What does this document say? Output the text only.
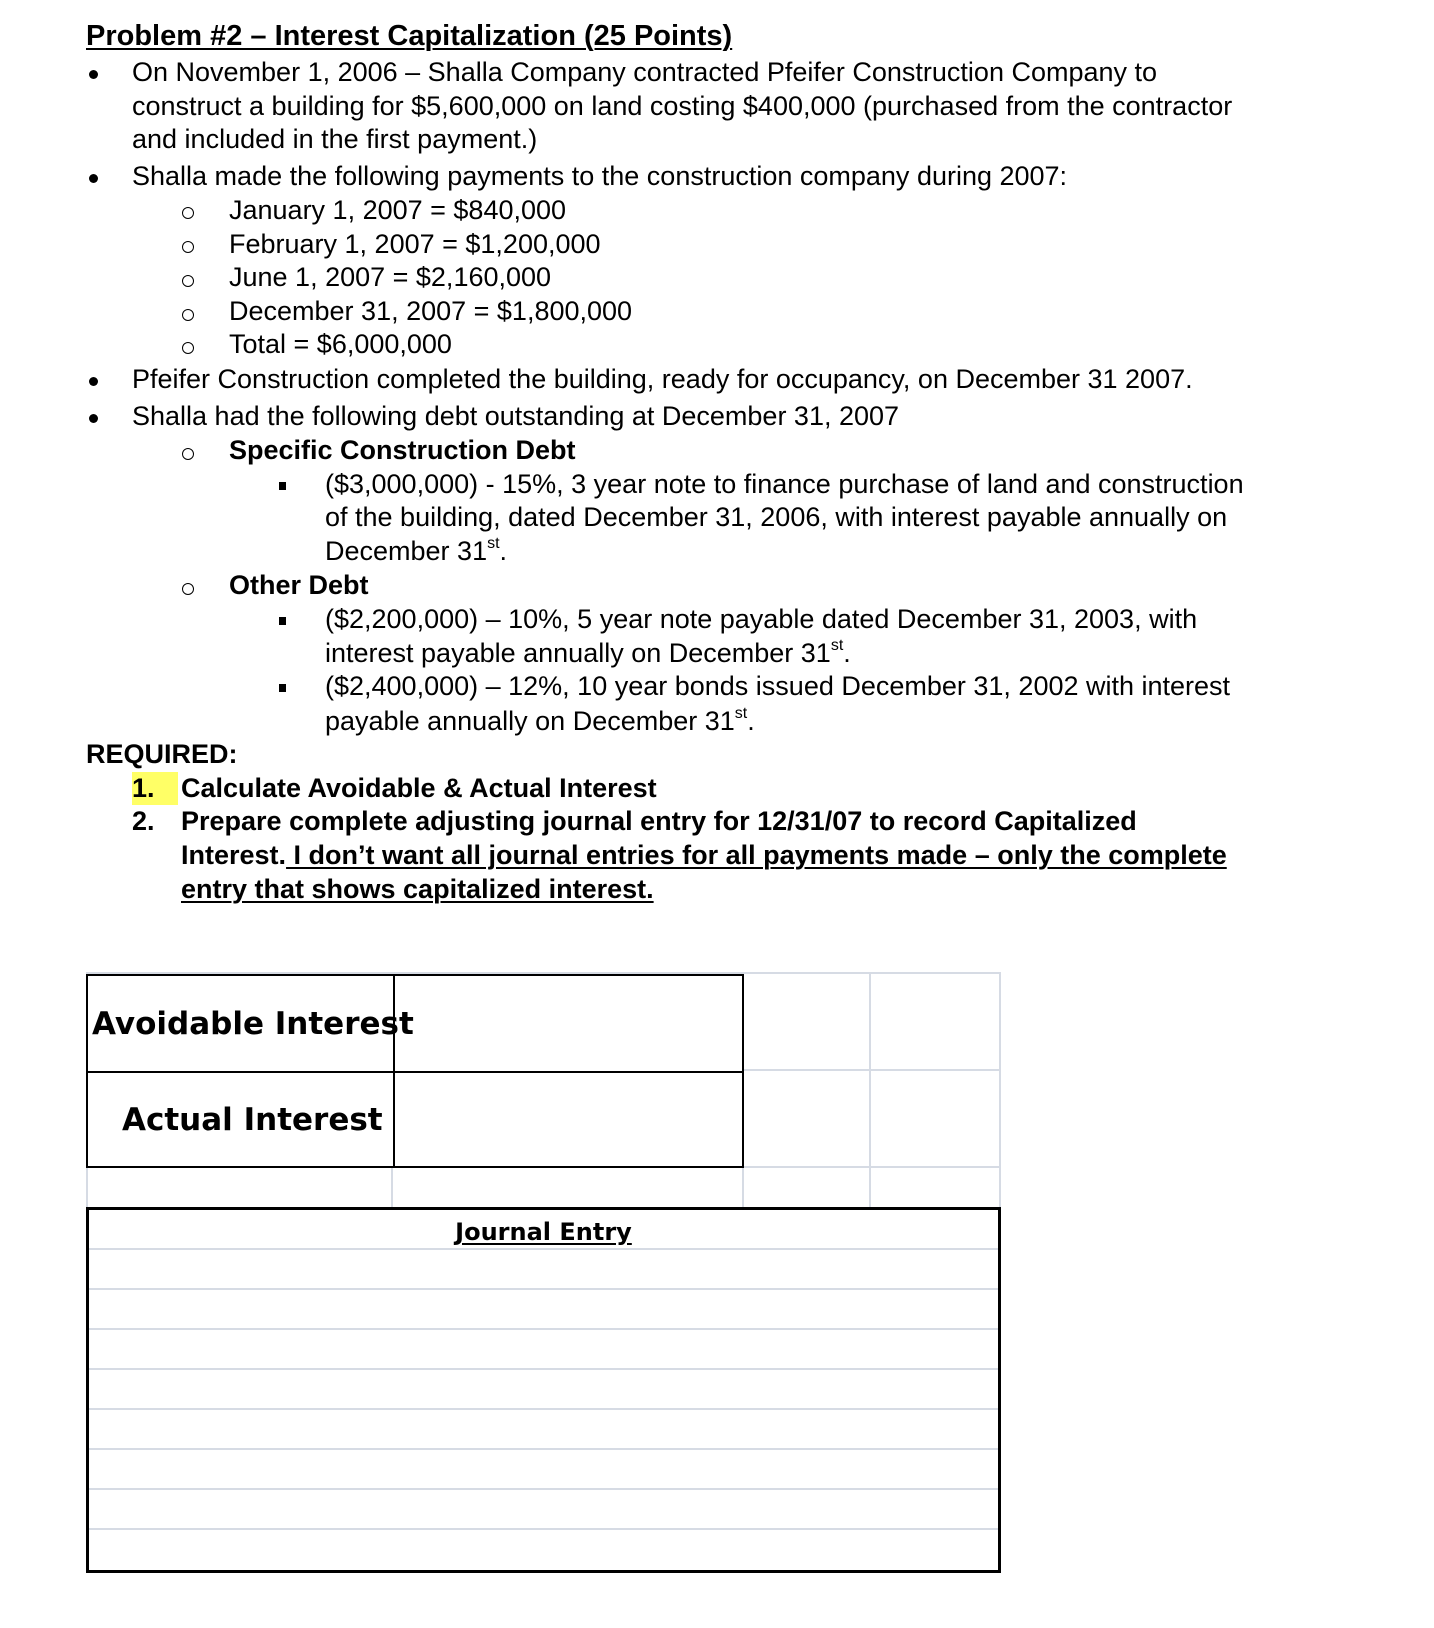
Problem #2 – Interest Capitalization (25 Points)
On November 1, 2006 – Shalla Company contracted Pfeifer Construction Company to
construct a building for $5,600,000 on land costing $400,000 (purchased from the contractor
and included in the first payment.)
Shalla made the following payments to the construction company during 2007:
January 1, 2007 = $840,000
February 1, 2007 = $1,200,000
June 1, 2007 = $2,160,000
December 31, 2007 = $1,800,000
Total = $6,000,000
Pfeifer Construction completed the building, ready for occupancy, on December 31 2007.
Shalla had the following debt outstanding at December 31, 2007
Specific Construction Debt
($3,000,000) - 15%, 3 year note to finance purchase of land and construction
of the building, dated December 31, 2006, with interest payable annually on
December 31st.
Other Debt
($2,200,000) – 10%, 5 year note payable dated December 31, 2003, with
interest payable annually on December 31st.
($2,400,000) – 12%, 10 year bonds issued December 31, 2002 with interest
payable annually on December 31st.
REQUIRED:
1. Calculate Avoidable & Actual Interest
2. Prepare complete adjusting journal entry for 12/31/07 to record Capitalized
Interest. I don’t want all journal entries for all payments made – only the complete
entry that shows capitalized interest.
Avoidable Interest
Actual Interest
Journal Entry
